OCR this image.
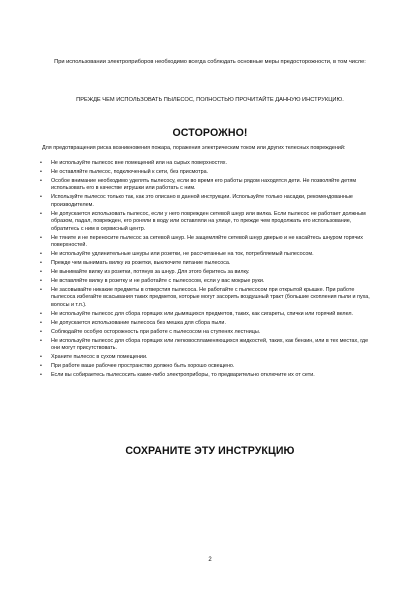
При использовании электроприборов необходимо всегда соблюдать основные меры предосторожности, в том числе:
ПРЕЖДЕ ЧЕМ ИСПОЛЬЗОВАТЬ ПЫЛЕСОС, ПОЛНОСТЬЮ ПРОЧИТАЙТЕ ДАННУЮ ИНСТРУКЦИЮ.
ОСТОРОЖНО!
Для предотвращения риска возникновения пожара, поражения электрическим током или других телесных повреждений:
• Не используйте пылесос вне помещений или на сырых поверхностях.
• Не оставляйте пылесос, подключенный к сети, без присмотра.
• Особое внимание необходимо уделять пылесосу, если во время его работы рядом находятся дети. Не позволяйте детям использовать его в качестве игрушки или работать с ним.
• Используйте пылесос только так, как это описано в данной инструкции. Используйте только насадки, рекомендованные производителем.
• Не допускается использовать пылесос, если у него поврежден сетевой шнур или вилка. Если пылесос не работает должным образом, падал, поврежден, его роняли в воду или оставляли на улице, то прежде чем продолжать его использование, обратитесь с ним в сервисный центр.
• Не тяните и не переносите пылесос за сетевой шнур. Не защемляйте сетевой шнур дверью и не касайтесь шнуром горячих поверхностей.
• Не используйте удлинительные шнуры или розетки, не рассчитанные на ток, потребляемый пылесосом.
• Прежде чем вынимать вилку из розетки, выключите питание пылесоса.
• Не вынимайте вилку из розетки, потянув за шнур. Для этого беритесь за вилку.
• Не вставляйте вилку в розетку и не работайте с пылесосом, если у вас мокрые руки.
• Не засовывайте никакие предметы в отверстия пылесоса. Не работайте с пылесосом при открытой крышке. При работе пылесоса избегайте всасывания таких предметов, которые могут засорить воздушный тракт (большие скопления пыли и пуха, волосы и т.п.).
• Не используйте пылесос для сбора горящих или дымящихся предметов, таких, как сигареты, спички или горячий велел.
• Не допускается использование пылесоса без мешка для сбора пыли.
• Соблюдайте особую осторожность при работе с пылесосом на ступенях лестницы.
• Не используйте пылесос для сбора горящих или легковоспламеняющихся жидкостей, таких, как бензин, или в тех местах, где они могут присутствовать.
• Храните пылесос в сухом помещении.
• При работе ваше рабочее пространство должно быть хорошо освещено.
• Если вы собираетесь пылесосить какие-либо электроприборы, то предварительно отключите их от сети.
СОХРАНИТЕ ЭТУ ИНСТРУКЦИЮ
2
